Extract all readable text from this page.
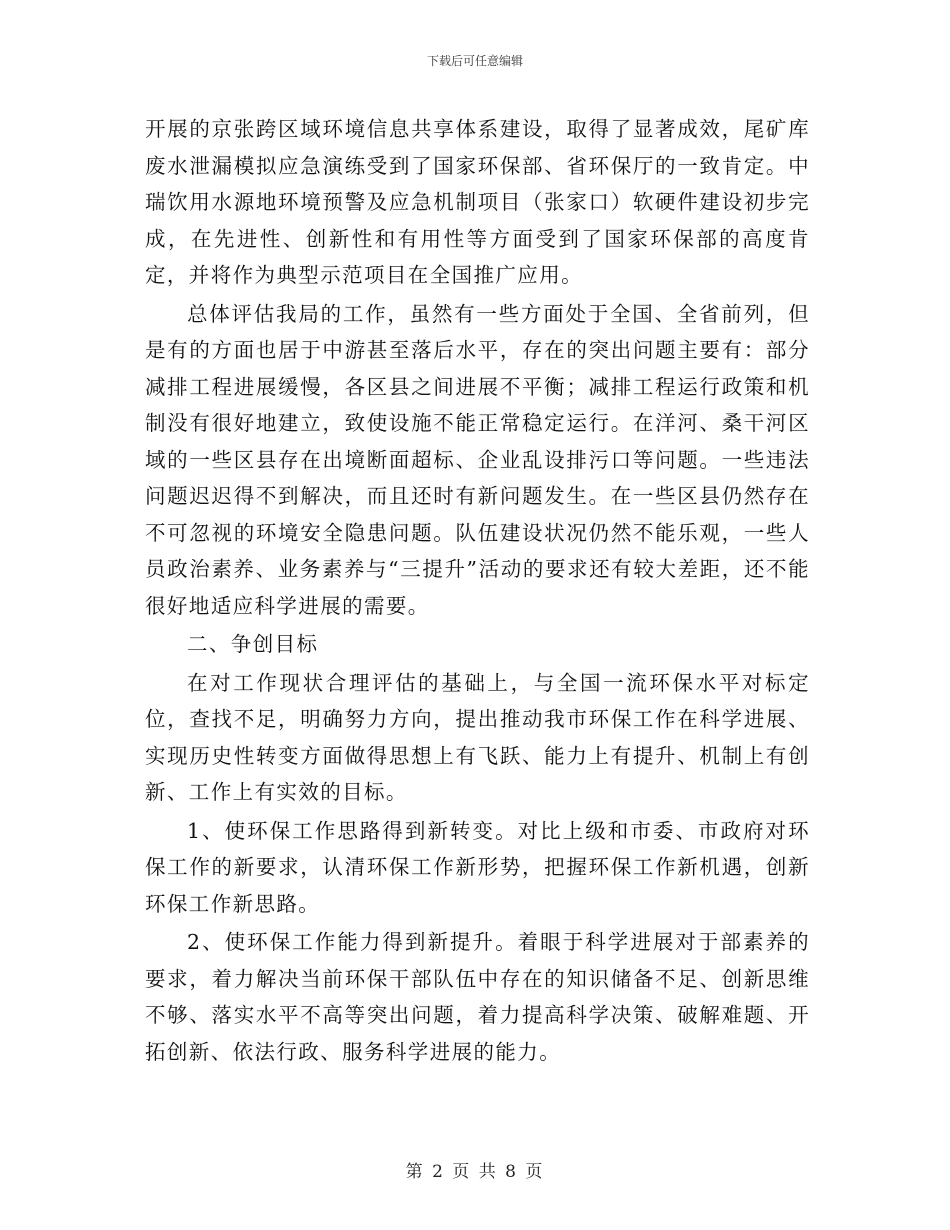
下载后可任意编辑

开展的京张跨区域环境信息共享体系建设，取得了显著成效，尾矿库废水泄漏模拟应急演练受到了国家环保部、省环保厅的一致肯定。中瑞饮用水源地环境预警及应急机制项目（张家口）软硬件建设初步完成，在先进性、创新性和有用性等方面受到了国家环保部的高度肯定，并将作为典型示范项目在全国推广应用。

总体评估我局的工作，虽然有一些方面处于全国、全省前列，但是有的方面也居于中游甚至落后水平，存在的突出问题主要有：部分减排工程进展缓慢，各区县之间进展不平衡；减排工程运行政策和机制没有很好地建立，致使设施不能正常稳定运行。在洋河、桑干河区域的一些区县存在出境断面超标、企业乱设排污口等问题。一些违法问题迟迟得不到解决，而且还时有新问题发生。在一些区县仍然存在不可忽视的环境安全隐患问题。队伍建设状况仍然不能乐观，一些人员政治素养、业务素养与“三提升”活动的要求还有较大差距，还不能很好地适应科学进展的需要。

二、争创目标

在对工作现状合理评估的基础上，与全国一流环保水平对标定位，查找不足，明确努力方向，提出推动我市环保工作在科学进展、实现历史性转变方面做得思想上有飞跃、能力上有提升、机制上有创新、工作上有实效的目标。

1、使环保工作思路得到新转变。对比上级和市委、市政府对环保工作的新要求，认清环保工作新形势，把握环保工作新机遇，创新环保工作新思路。

2、使环保工作能力得到新提升。着眼于科学进展对于部素养的要求，着力解决当前环保干部队伍中存在的知识储备不足、创新思维不够、落实水平不高等突出问题，着力提高科学决策、破解难题、开拓创新、依法行政、服务科学进展的能力。

第 2 页 共 8 页
